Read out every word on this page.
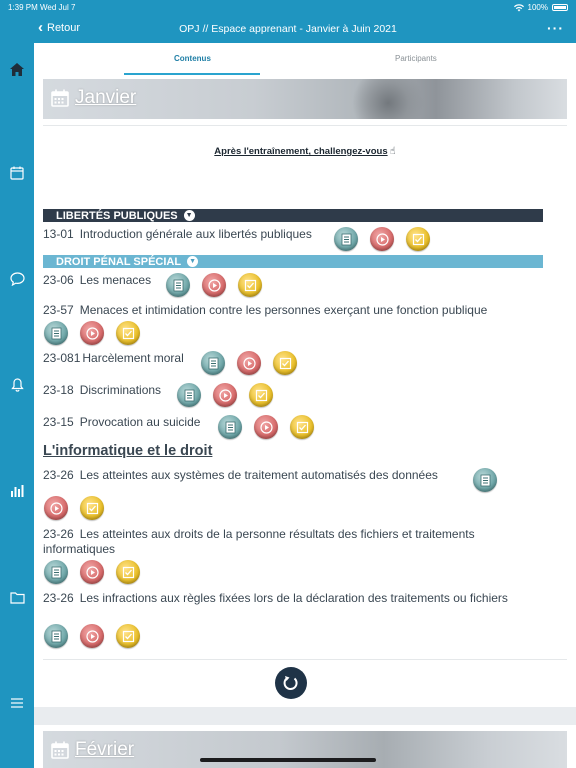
1:39 PM Wed Jul 7	100%
‹ Retour	OPJ // Espace apprenant - Janvier à Juin 2021	···
Contenus	Participants
Janvier
Après l'entraînement, challengez-vous ☝
LIBERTÉS PUBLIQUES ▼
13-01 Introduction générale aux libertés publiques
DROIT PÉNAL SPÉCIAL ▼
23-06 Les menaces
23-57 Menaces et intimidation contre les personnes exerçant une fonction publique
23-081 Harcèlement moral
23-18 Discriminations
23-15 Provocation au suicide
L'informatique et le droit
23-26 Les atteintes aux systèmes de traitement automatisés des données
23-26 Les atteintes aux droits de la personne résultats des fichiers et traitements informatiques
23-26 Les infractions aux règles fixées lors de la déclaration des traitements ou fichiers
Février
